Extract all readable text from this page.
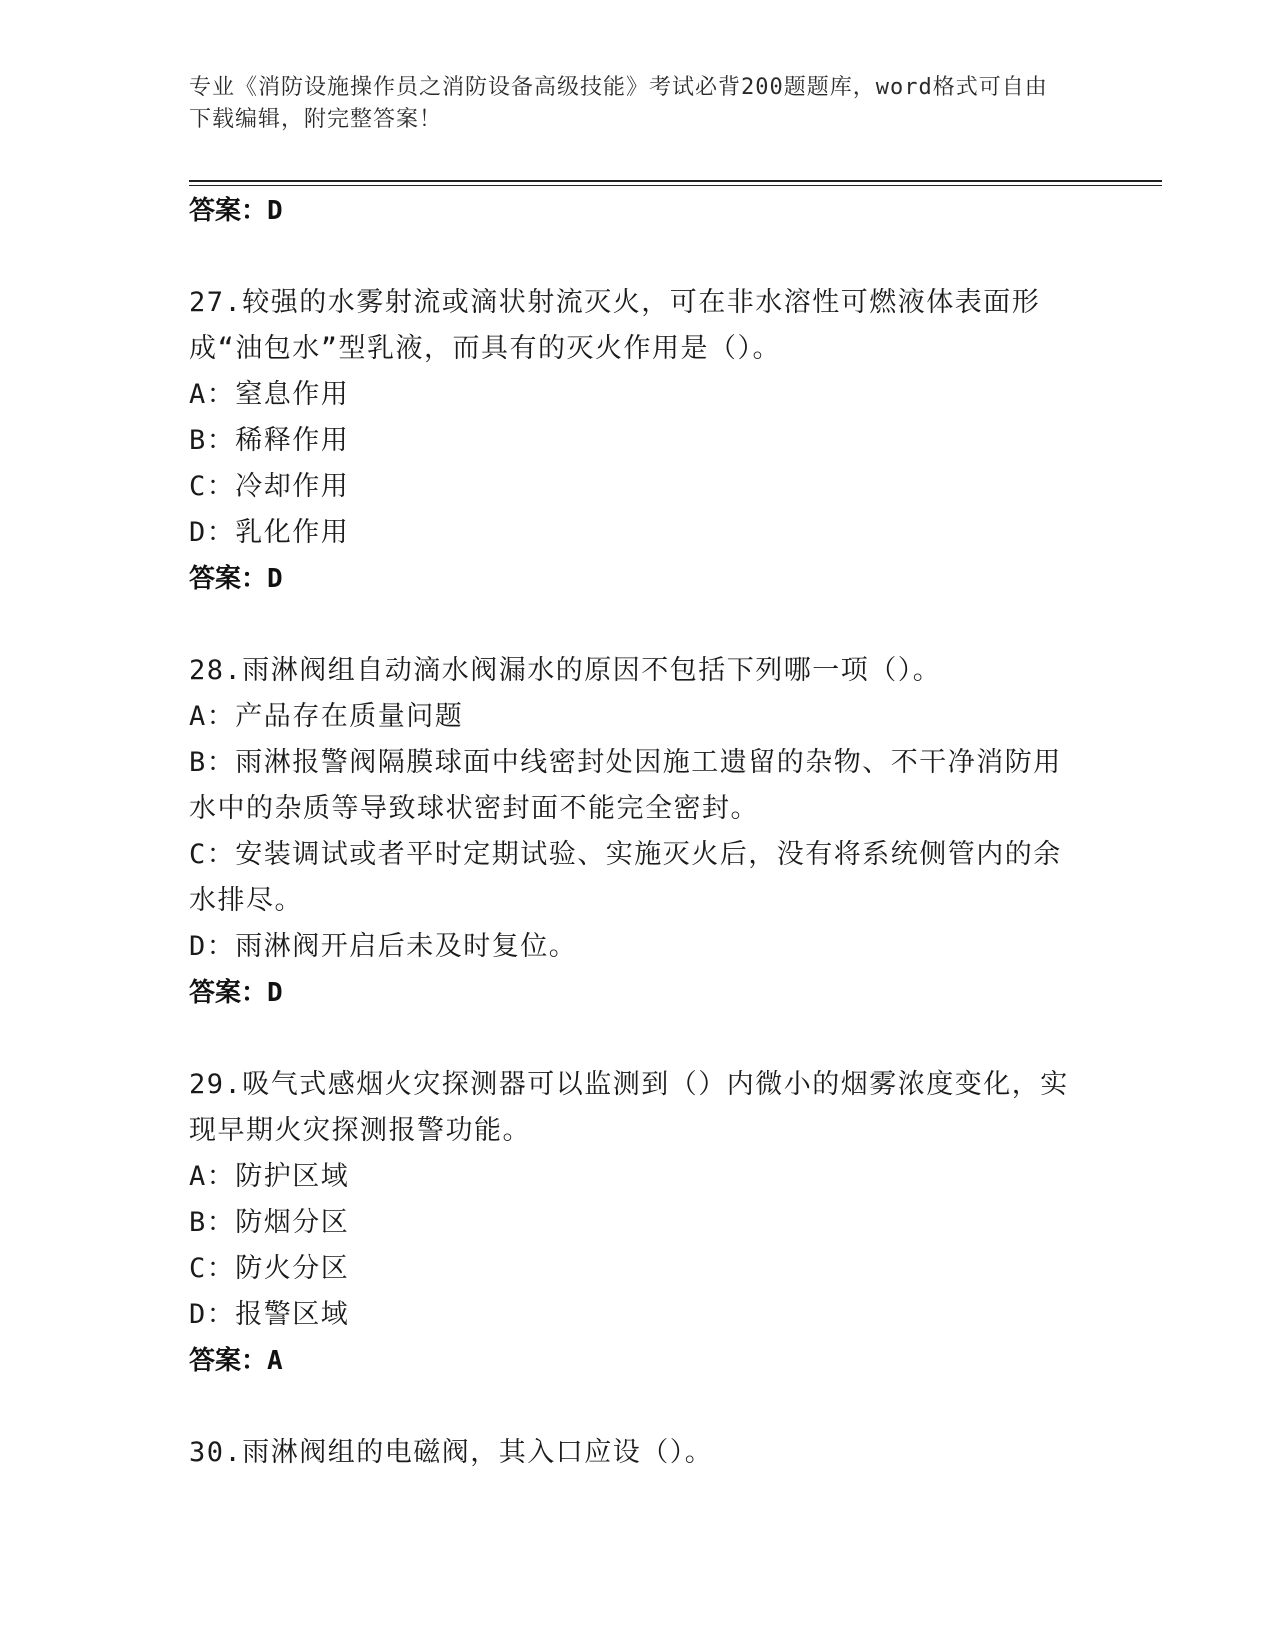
专业《消防设施操作员之消防设备高级技能》考试必背200题题库，word格式可自由下载编辑，附完整答案！
答案：D
27.较强的水雾射流或滴状射流灭火，可在非水溶性可燃液体表面形成“油包水”型乳液，而具有的灭火作用是（）。
A：窒息作用
B：稀释作用
C：冷却作用
D：乳化作用
答案：D
28.雨淋阀组自动滴水阀漏水的原因不包括下列哪一项（）。
A：产品存在质量问题
B：雨淋报警阀隔膜球面中线密封处因施工遗留的杂物、不干净消防用水中的杂质等导致球状密封面不能完全密封。
C：安装调试或者平时定期试验、实施灭火后，没有将系统侧管内的余水排尽。
D：雨淋阀开启后未及时复位。
答案：D
29.吸气式感烟火灾探测器可以监测到（）内微小的烟雾浓度变化，实现早期火灾探测报警功能。
A：防护区域
B：防烟分区
C：防火分区
D：报警区域
答案：A
30.雨淋阀组的电磁阀，其入口应设（）。
